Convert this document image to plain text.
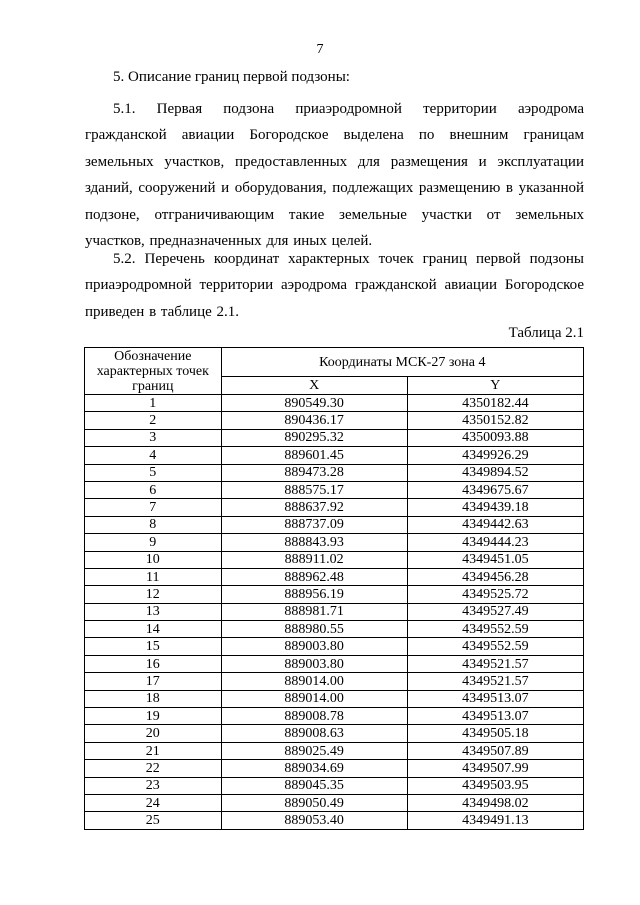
7
5. Описание границ первой подзоны:
5.1. Первая подзона приаэродромной территории аэродрома гражданской авиации Богородское выделена по внешним границам земельных участков, предоставленных для размещения и эксплуатации зданий, сооружений и оборудования, подлежащих размещению в указанной подзоне, отграничивающим такие земельные участки от земельных участков, предназначенных для иных целей.
5.2. Перечень координат характерных точек границ первой подзоны приаэродромной территории аэродрома гражданской авиации Богородское приведен в таблице 2.1.
Таблица 2.1
Обозначение характерных точек границ	Координаты МСК-27 зона 4	
	X	Y
1	890549.30	4350182.44
2	890436.17	4350152.82
3	890295.32	4350093.88
4	889601.45	4349926.29
5	889473.28	4349894.52
6	888575.17	4349675.67
7	888637.92	4349439.18
8	888737.09	4349442.63
9	888843.93	4349444.23
10	888911.02	4349451.05
11	888962.48	4349456.28
12	888956.19	4349525.72
13	888981.71	4349527.49
14	888980.55	4349552.59
15	889003.80	4349552.59
16	889003.80	4349521.57
17	889014.00	4349521.57
18	889014.00	4349513.07
19	889008.78	4349513.07
20	889008.63	4349505.18
21	889025.49	4349507.89
22	889034.69	4349507.99
23	889045.35	4349503.95
24	889050.49	4349498.02
25	889053.40	4349491.13
